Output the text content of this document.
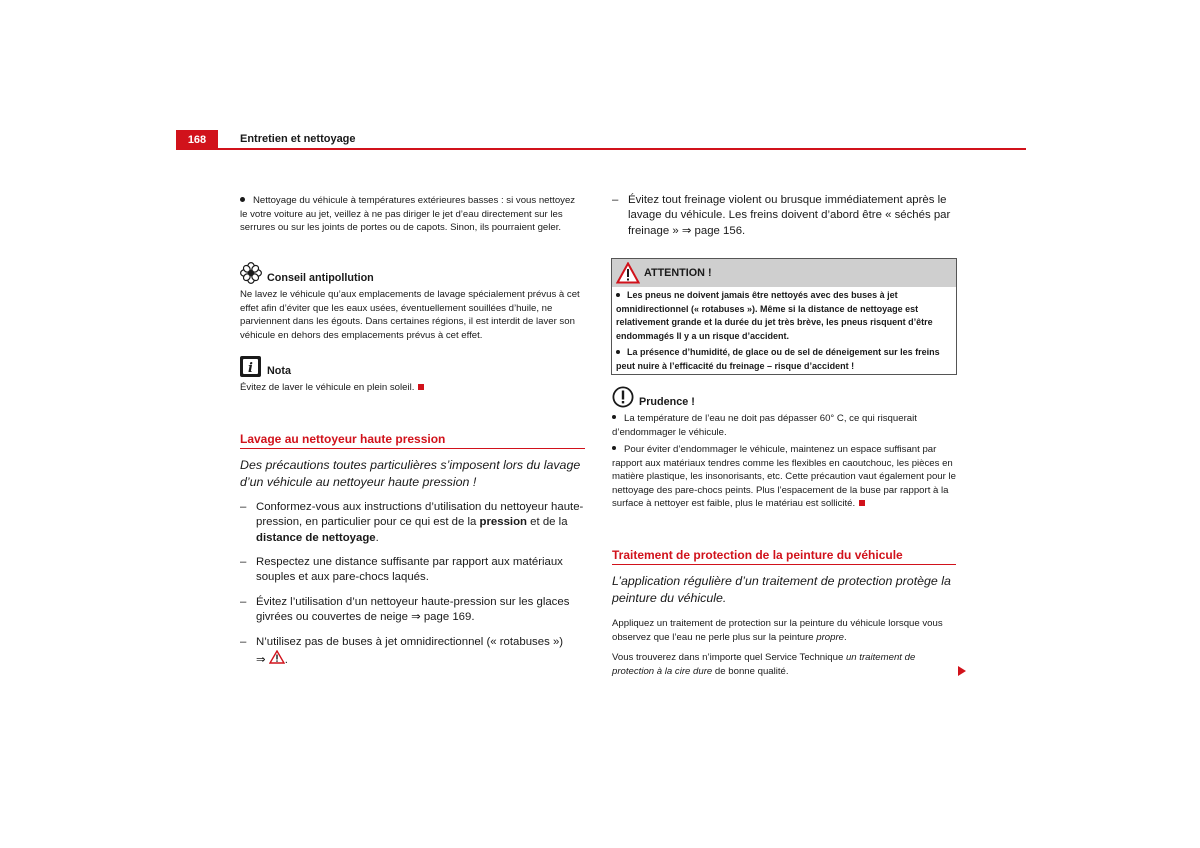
168	Entretien et nettoyage
Nettoyage du véhicule à températures extérieures basses : si vous nettoyez le votre voiture au jet, veillez à ne pas diriger le jet d’eau directement sur les serrures ou sur les joints de portes ou de capots. Sinon, ils pourraient geler.
Conseil antipollution
Ne lavez le véhicule qu’aux emplacements de lavage spécialement prévus à cet effet afin d’éviter que les eaux usées, éventuellement souillées d’huile, ne parviennent dans les égouts. Dans certaines régions, il est interdit de laver son véhicule en dehors des emplacements prévus à cet effet.
i	Nota
Évitez de laver le véhicule en plein soleil.
Lavage au nettoyeur haute pression
Des précautions toutes particulières s’imposent lors du lavage d’un véhicule au nettoyeur haute pression !
– Conformez-vous aux instructions d’utilisation du nettoyeur haute-pression, en particulier pour ce qui est de la pression et de la distance de nettoyage.
– Respectez une distance suffisante par rapport aux matériaux souples et aux pare-chocs laqués.
– Évitez l’utilisation d’un nettoyeur haute-pression sur les glaces givrées ou couvertes de neige ⇒ page 169.
– N’utilisez pas de buses à jet omnidirectionnel (« rotabuses »)
⇒ .
– Évitez tout freinage violent ou brusque immédiatement après le lavage du véhicule. Les freins doivent d’abord être « séchés par freinage » ⇒ page 156.
ATTENTION !
Les pneus ne doivent jamais être nettoyés avec des buses à jet omnidirectionnel (« rotabuses »). Même si la distance de nettoyage est relativement grande et la durée du jet très brève, les pneus risquent d’être endommagés Il y a un risque d’accident.
La présence d’humidité, de glace ou de sel de déneigement sur les freins peut nuire à l’efficacité du freinage – risque d’accident !
Prudence !
La température de l’eau ne doit pas dépasser 60° C, ce qui risquerait d’endommager le véhicule.
Pour éviter d’endommager le véhicule, maintenez un espace suffisant par rapport aux matériaux tendres comme les flexibles en caoutchouc, les pièces en matière plastique, les insonorisants, etc. Cette précaution vaut également pour le nettoyage des pare-chocs peints. Plus l’espacement de la buse par rapport à la surface à nettoyer est faible, plus le matériau est sollicité.
Traitement de protection de la peinture du véhicule
L’application régulière d’un traitement de protection protège la peinture du véhicule.
Appliquez un traitement de protection sur la peinture du véhicule lorsque vous observez que l’eau ne perle plus sur la peinture propre.
Vous trouverez dans n’importe quel Service Technique un traitement de protection à la cire dure de bonne qualité.
